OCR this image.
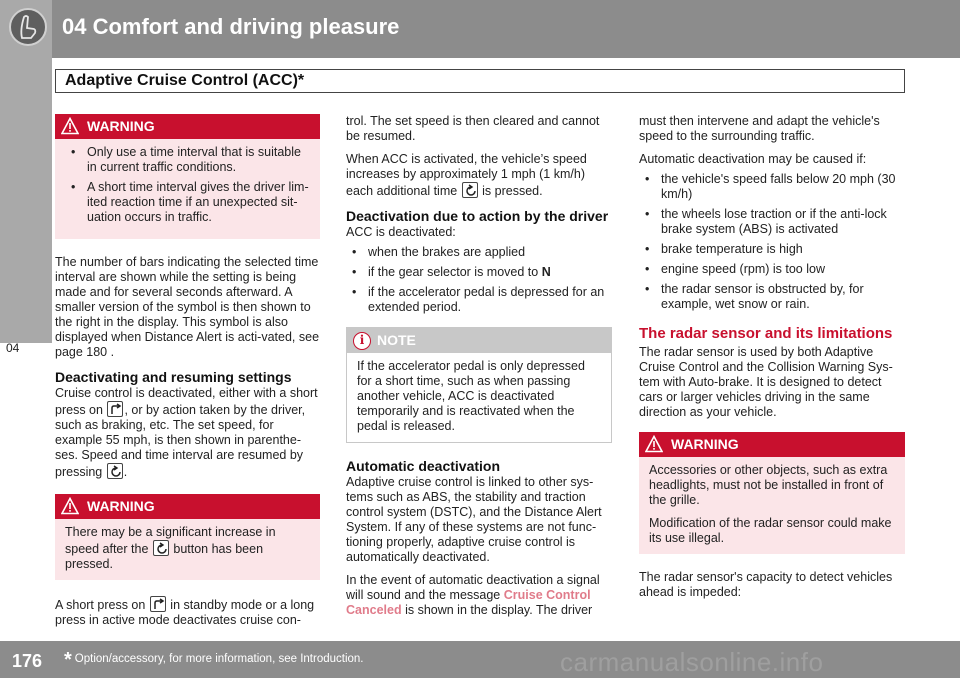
04 Comfort and driving pleasure
04
Adaptive Cruise Control (ACC)*
WARNING
• Only use a time interval that is suitable in current traffic conditions.
• A short time interval gives the driver lim-ited reaction time if an unexpected sit-uation occurs in traffic.

The number of bars indicating the selected time interval are shown while the setting is being made and for several seconds afterward. A smaller version of the symbol is then shown to the right in the display. This symbol is also displayed when Distance Alert is acti-vated, see page 180 .

Deactivating and resuming settings

Cruise control is deactivated, either with a short press on , or by action taken by the driver, such as braking, etc. The set speed, for example 55 mph, is then shown in parenthe-ses. Speed and time interval are resumed by pressing .

WARNING
There may be a significant increase in speed after the button has been pressed.

A short press on in standby mode or a long press in active mode deactivates cruise con-

trol. The set speed is then cleared and cannot be resumed.

When ACC is activated, the vehicle’s speed increases by approximately 1 mph (1 km/h) each additional time is pressed.

Deactivation due to action by the driver

ACC is deactivated:

• when the brakes are applied
• if the gear selector is moved to N
• if the accelerator pedal is depressed for an extended period.
i NOTE
If the accelerator pedal is only depressed for a short time, such as when passing another vehicle, ACC is deactivated temporarily and is reactivated when the pedal is released.
Automatic deactivation

Adaptive cruise control is linked to other sys-tems such as ABS, the stability and traction control system (DSTC), and the Distance Alert System. If any of these systems are not func-tioning properly, adaptive cruise control is automatically deactivated.

In the event of automatic deactivation a signal will sound and the message Cruise Control Canceled is shown in the display. The driver

must then intervene and adapt the vehicle's speed to the surrounding traffic.

Automatic deactivation may be caused if:

• the vehicle's speed falls below 20 mph (30 km/h)
• the wheels lose traction or if the anti-lock brake system (ABS) is activated
• brake temperature is high
• engine speed (rpm) is too low
• the radar sensor is obstructed by, for example, wet snow or rain.
The radar sensor and its limitations

The radar sensor is used by both Adaptive Cruise Control and the Collision Warning Sys-tem with Auto-brake. It is designed to detect cars or larger vehicles driving in the same direction as your vehicle.

WARNING

Accessories or other objects, such as extra headlights, must not be installed in front of the grille.

Modification of the radar sensor could make its use illegal.

The radar sensor's capacity to detect vehicles ahead is impeded:

176 * Option/accessory, for more information, see Introduction.	carmanualsonline.info
